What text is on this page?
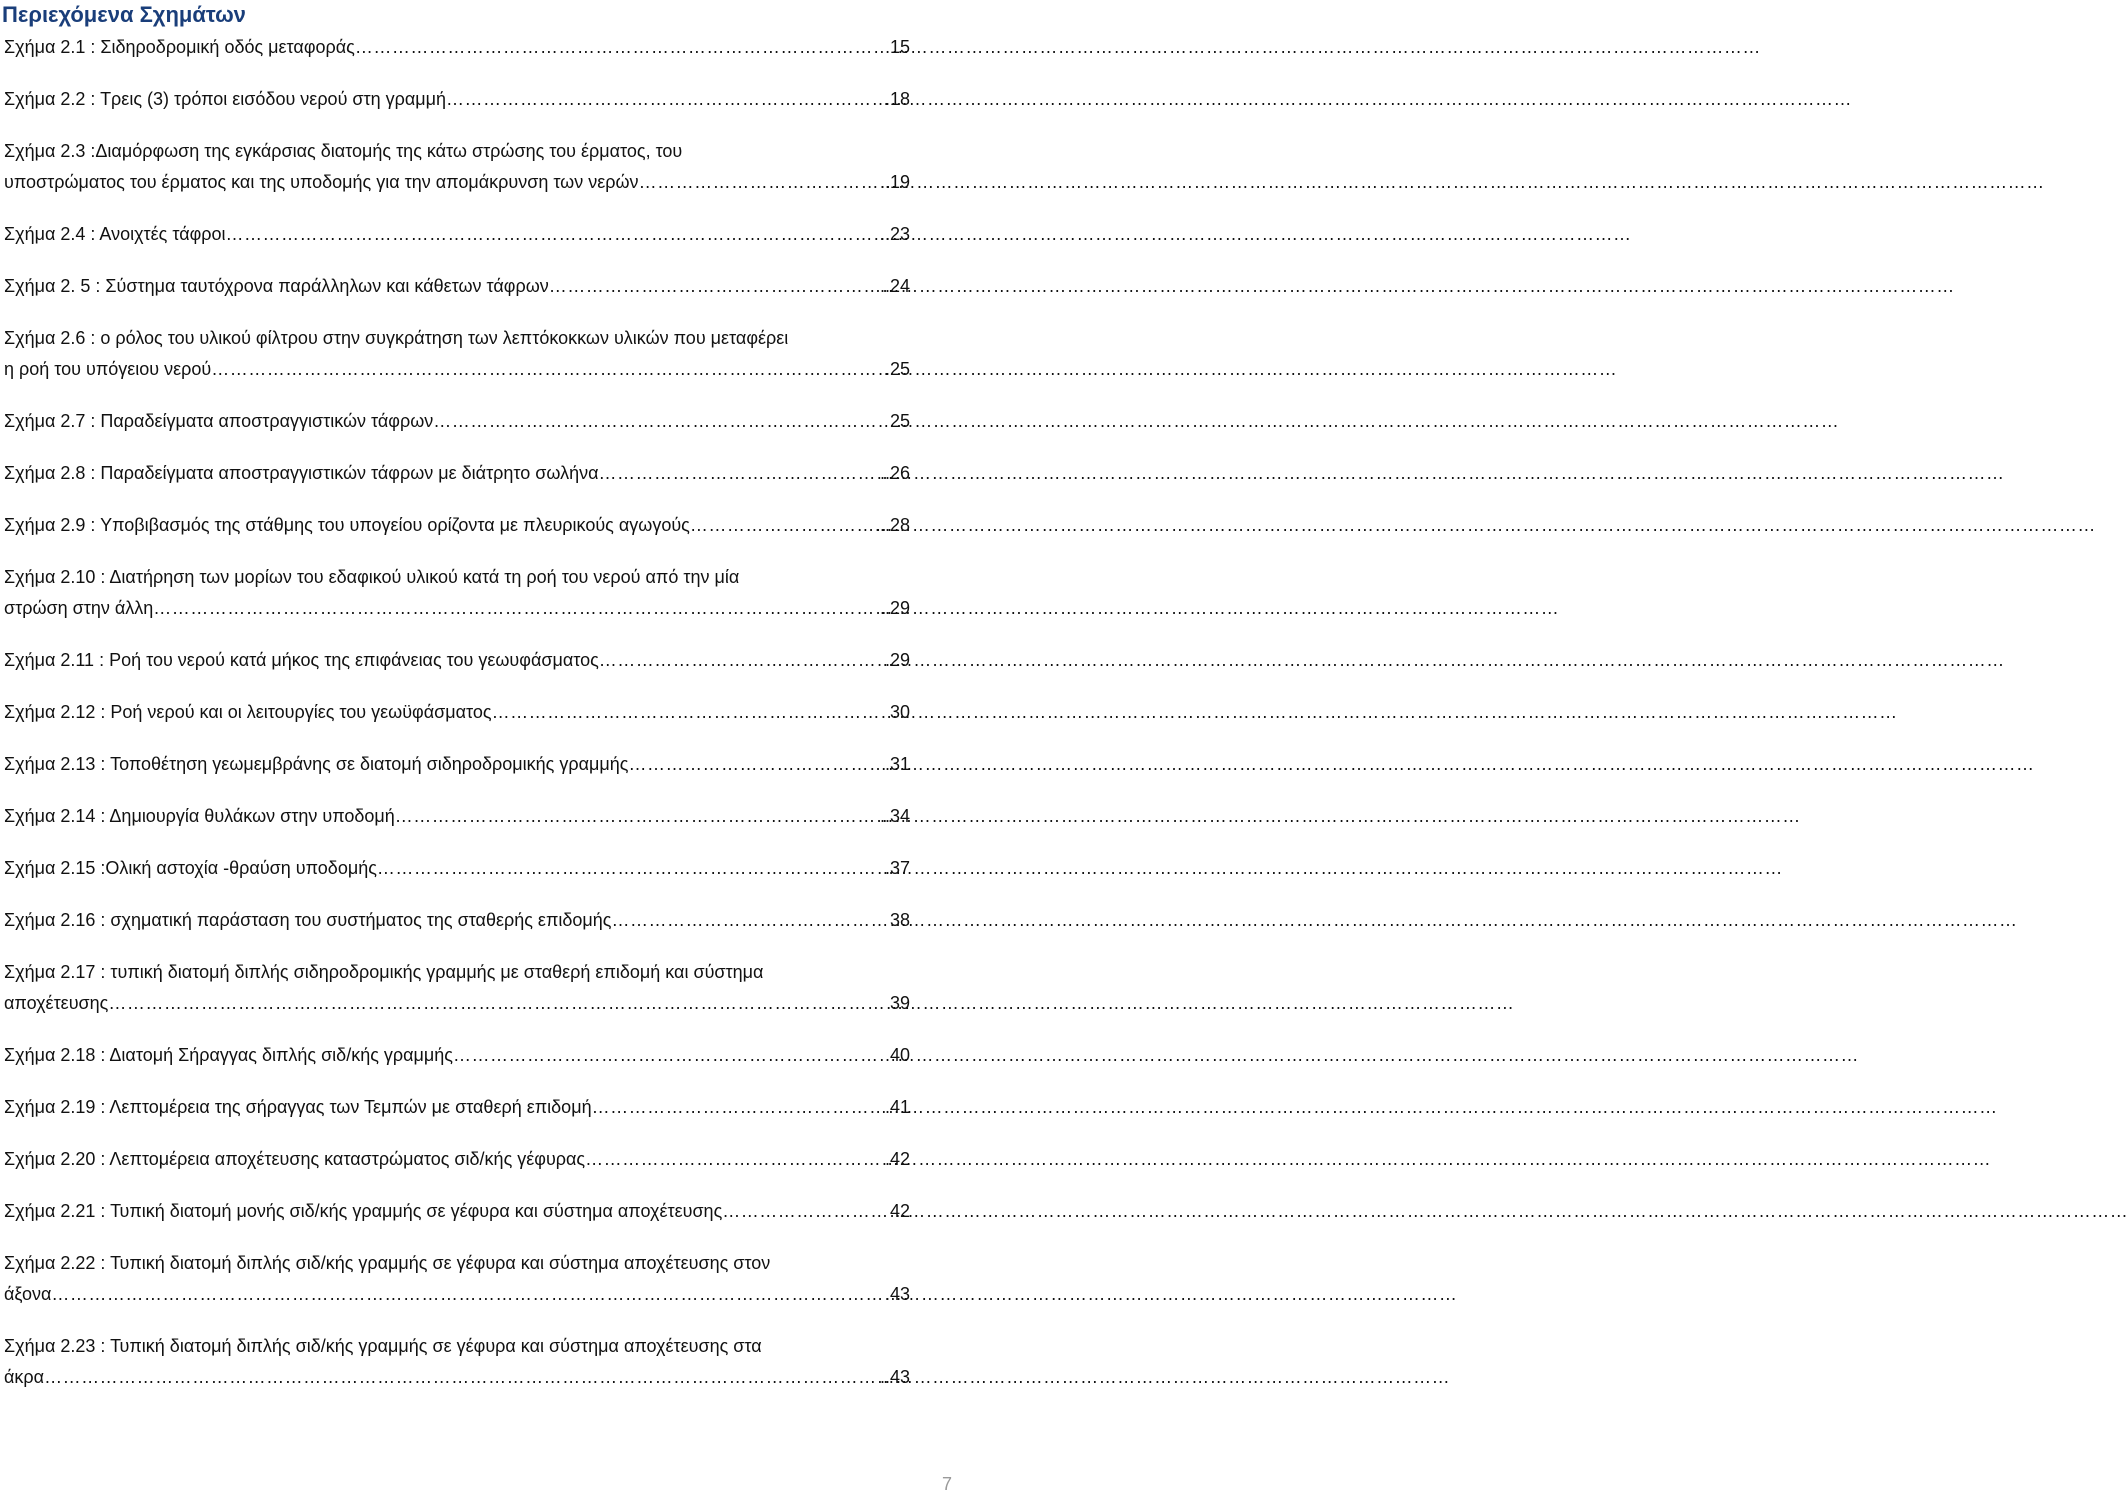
Περιεχόμενα Σχημάτων
Σχήμα 2.1 : Σιδηροδρομική οδός μεταφοράς …………………………………………………………………………………………………………………………………………………………………………………………………………	15
Σχήμα 2.2 : Τρεις (3) τρόποι εισόδου νερού στη γραμμή …………………………………………………………………………………………………………………………………………………………………………………………………………	.18
Σχήμα 2.3 :Διαμόρφωση της εγκάρσιας διατομής της κάτω στρώσης του έρματος, του
υποστρώματος του έρματος και της υποδομής για την απομάκρυνση των νερών …………………………………………………………………………………………………………………………………………………………………………………………………………	..19
Σχήμα 2.4 : Ανοιχτές τάφροι …………………………………………………………………………………………………………………………………………………………………………………………………………	..23
Σχήμα 2. 5 : Σύστημα ταυτόχρονα παράλληλων και κάθετων τάφρων …………………………………………………………………………………………………………………………………………………………………………………………………………	..24
Σχήμα 2.6 : ο ρόλος του υλικού φίλτρου στην συγκράτηση των λεπτόκοκκων υλικών που μεταφέρει
η ροή του υπόγειου νερού …………………………………………………………………………………………………………………………………………………………………………………………………………	.25
Σχήμα 2.7 : Παραδείγματα αποστραγγιστικών τάφρων …………………………………………………………………………………………………………………………………………………………………………………………………………	25
Σχήμα 2.8 : Παραδείγματα αποστραγγιστικών τάφρων με διάτρητο σωλήνα …………………………………………………………………………………………………………………………………………………………………………………………………………	..26
Σχήμα 2.9 : Υποβιβασμός της στάθμης του υπογείου ορίζοντα με πλευρικούς αγωγούς …………………………………………………………………………………………………………………………………………………………………………………………………………	...28
Σχήμα 2.10 : Διατήρηση των μορίων του εδαφικού υλικού κατά τη ροή του νερού από την μία
στρώση στην άλλη …………………………………………………………………………………………………………………………………………………………………………………………………………	..29
Σχήμα 2.11 : Ροή του νερού κατά μήκος της επιφάνειας του γεωυφάσματος …………………………………………………………………………………………………………………………………………………………………………………………………………	.29
Σχήμα 2.12 : Ροή νερού και οι λειτουργίες του γεωϋφάσματος …………………………………………………………………………………………………………………………………………………………………………………………………………	30
Σχήμα 2.13 : Τοποθέτηση γεωμεμβράνης σε διατομή σιδηροδρομικής γραμμής …………………………………………………………………………………………………………………………………………………………………………………………………………	.31
Σχήμα 2.14 : Δημιουργία θυλάκων στην υποδομή …………………………………………………………………………………………………………………………………………………………………………………………………………	..34
Σχήμα 2.15 :Ολική αστοχία -θραύση υποδομής …………………………………………………………………………………………………………………………………………………………………………………………………………	.37
Σχήμα 2.16 : σχηματική παράσταση του συστήματος της σταθερής επιδομής …………………………………………………………………………………………………………………………………………………………………………………………………………	38
Σχήμα 2.17 : τυπική διατομή διπλής σιδηροδρομικής γραμμής με σταθερή επιδομή και σύστημα
αποχέτευσης …………………………………………………………………………………………………………………………………………………………………………………………………………	39
Σχήμα 2.18 : Διατομή Σήραγγας διπλής σιδ/κής γραμμής …………………………………………………………………………………………………………………………………………………………………………………………………………	40
Σχήμα 2.19 : Λεπτομέρεια της σήραγγας των Τεμπών με σταθερή επιδομή …………………………………………………………………………………………………………………………………………………………………………………………………………	.41
Σχήμα 2.20 : Λεπτομέρεια αποχέτευσης καταστρώματος σιδ/κής γέφυρας …………………………………………………………………………………………………………………………………………………………………………………………………………	.42
Σχήμα 2.21 : Τυπική διατομή μονής σιδ/κής γραμμής σε γέφυρα και σύστημα αποχέτευσης …………………………………………………………………………………………………………………………………………………………………………………………………………	42
Σχήμα 2.22 : Τυπική διατομή διπλής σιδ/κής γραμμής σε γέφυρα και σύστημα αποχέτευσης στον
άξονα …………………………………………………………………………………………………………………………………………………………………………………………………………	.43
Σχήμα 2.23 : Τυπική διατομή διπλής σιδ/κής γραμμής σε γέφυρα και σύστημα αποχέτευσης στα
άκρα …………………………………………………………………………………………………………………………………………………………………………………………………………	..43
7
